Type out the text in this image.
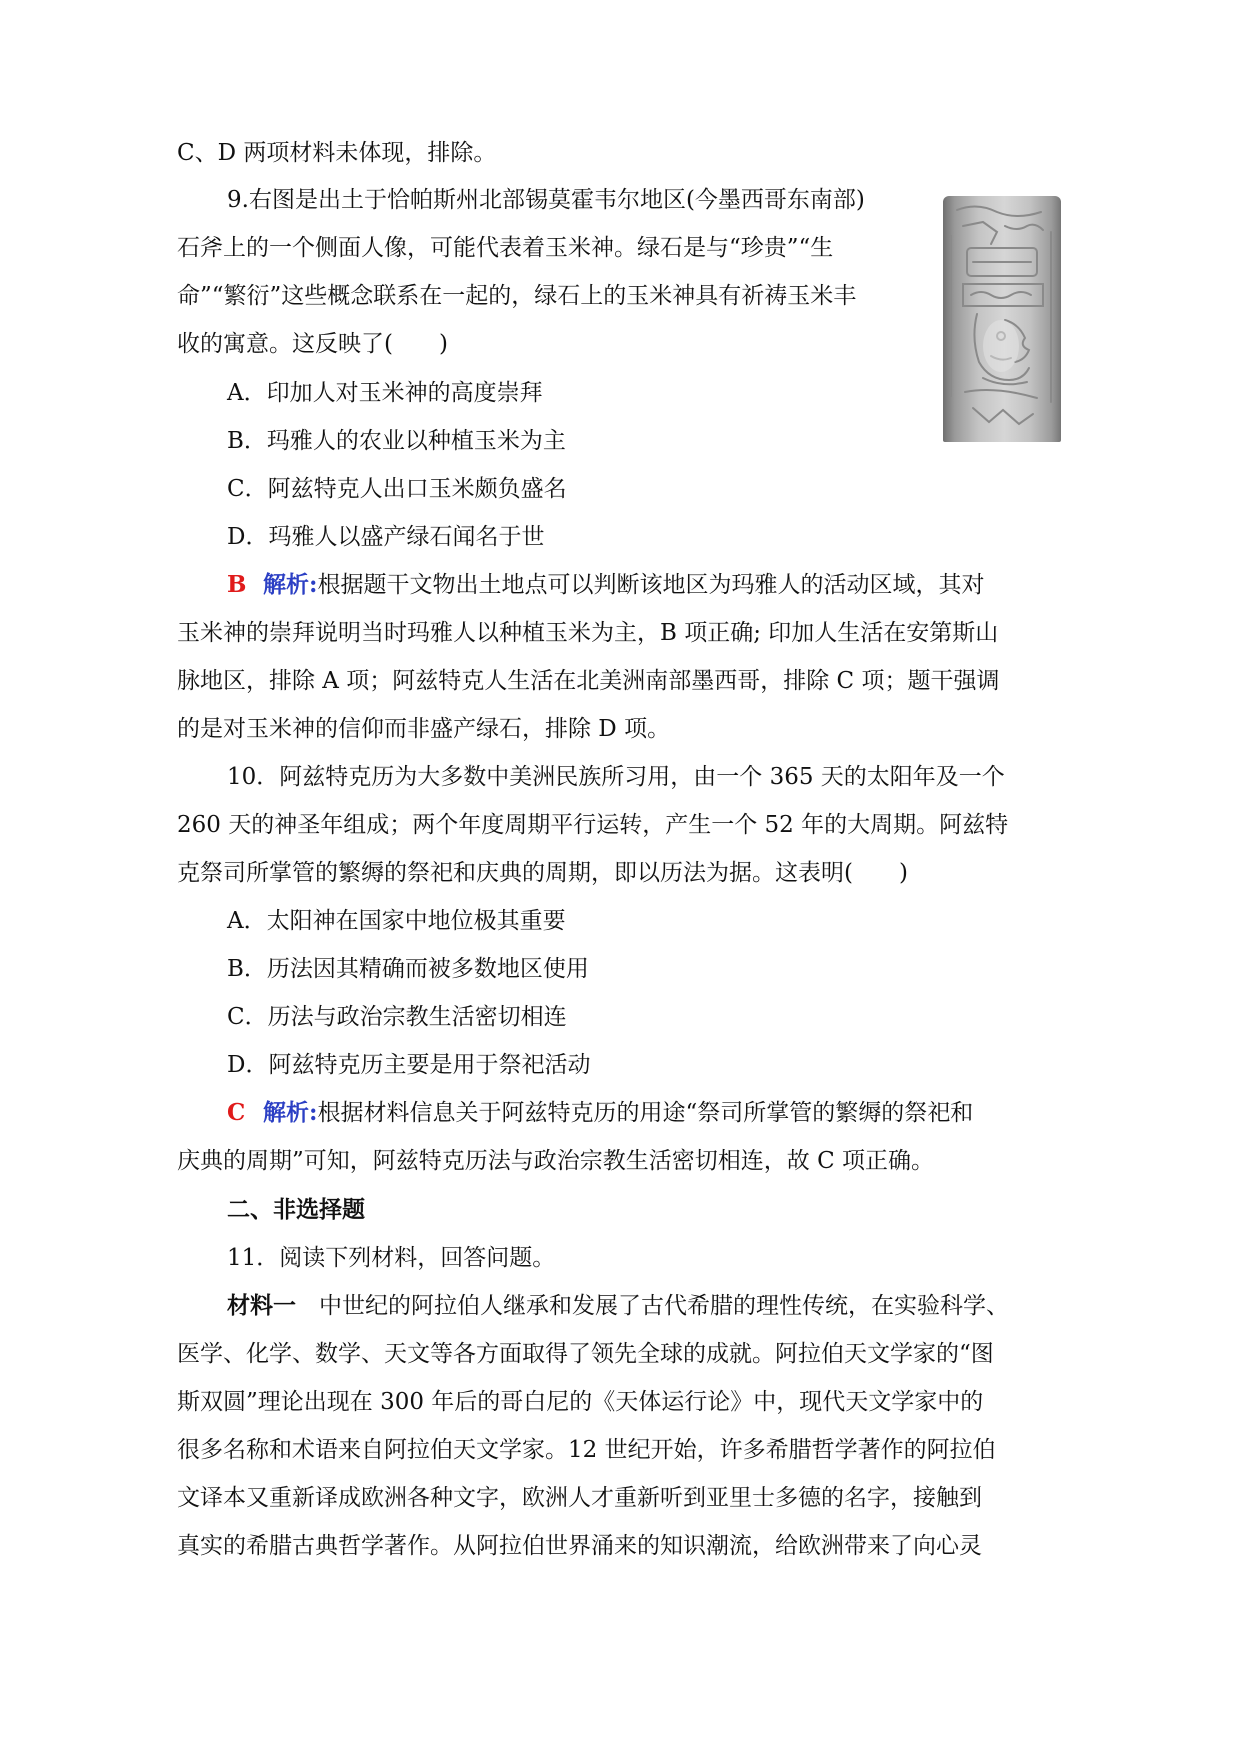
C、D 两项材料未体现，排除。
9.右图是出土于恰帕斯州北部锡莫霍韦尔地区(今墨西哥东南部)
石斧上的一个侧面人像，可能代表着玉米神。绿石是与“珍贵”“生
命”“繁衍”这些概念联系在一起的，绿石上的玉米神具有祈祷玉米丰
收的寓意。这反映了(　　)
A．印加人对玉米神的高度崇拜
B．玛雅人的农业以种植玉米为主
C．阿兹特克人出口玉米颇负盛名
D．玛雅人以盛产绿石闻名于世
B 解析:根据题干文物出土地点可以判断该地区为玛雅人的活动区域，其对
玉米神的崇拜说明当时玛雅人以种植玉米为主，B 项正确; 印加人生活在安第斯山
脉地区，排除 A 项；阿兹特克人生活在北美洲南部墨西哥，排除 C 项；题干强调
的是对玉米神的信仰而非盛产绿石，排除 D 项。
10．阿兹特克历为大多数中美洲民族所习用，由一个 365 天的太阳年及一个
260 天的神圣年组成；两个年度周期平行运转，产生一个 52 年的大周期。阿兹特
克祭司所掌管的繁缛的祭祀和庆典的周期，即以历法为据。这表明(　　)
A．太阳神在国家中地位极其重要
B．历法因其精确而被多数地区使用
C．历法与政治宗教生活密切相连
D．阿兹特克历主要是用于祭祀活动
C 解析:根据材料信息关于阿兹特克历的用途“祭司所掌管的繁缛的祭祀和
庆典的周期”可知，阿兹特克历法与政治宗教生活密切相连，故 C 项正确。
二、非选择题
11．阅读下列材料，回答问题。
材料一　中世纪的阿拉伯人继承和发展了古代希腊的理性传统，在实验科学、
医学、化学、数学、天文等各方面取得了领先全球的成就。阿拉伯天文学家的“图
斯双圆”理论出现在 300 年后的哥白尼的《天体运行论》中，现代天文学家中的
很多名称和术语来自阿拉伯天文学家。12 世纪开始，许多希腊哲学著作的阿拉伯
文译本又重新译成欧洲各种文字，欧洲人才重新听到亚里士多德的名字，接触到
真实的希腊古典哲学著作。从阿拉伯世界涌来的知识潮流，给欧洲带来了向心灵
